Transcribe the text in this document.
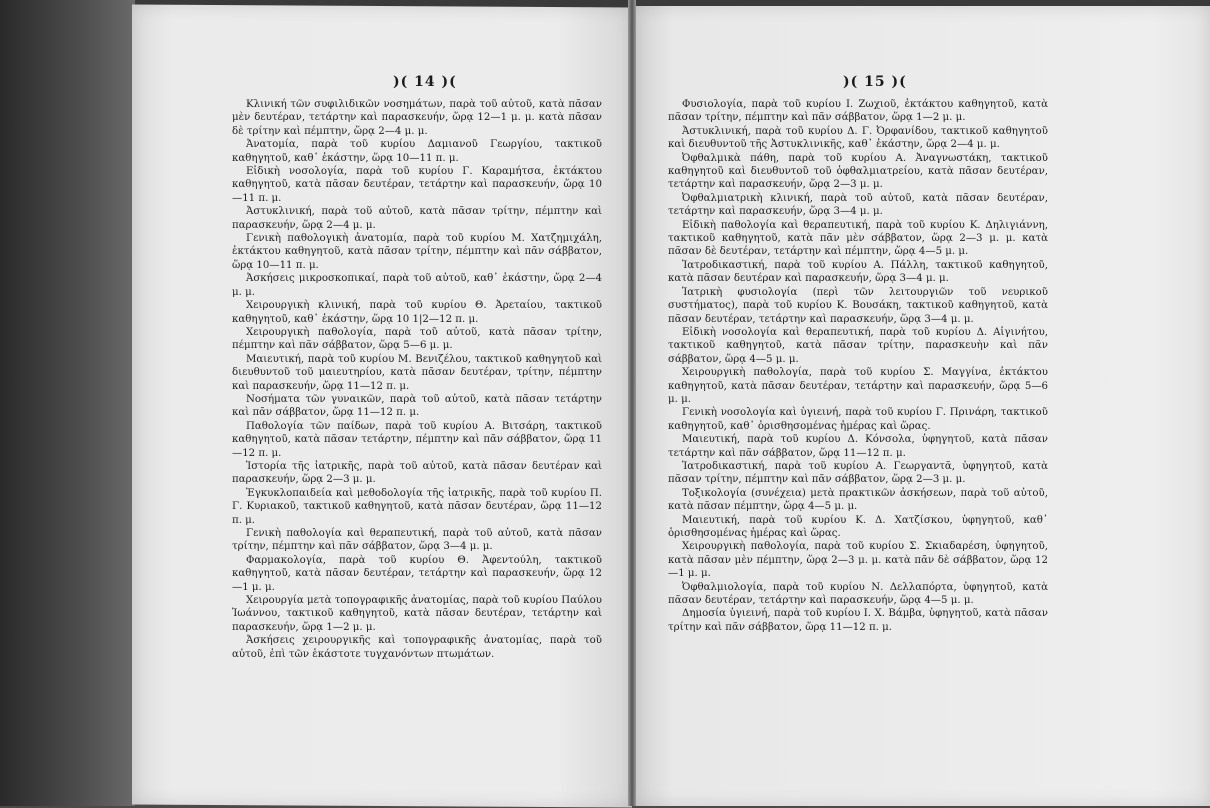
)( 14 )(	)( 15 )(

Κλινική τῶν συφιλιδικῶν νοσημάτων, παρὰ τοῦ αὐτοῦ, κατὰ πᾶσαν μὲν δευτέραν, τετάρτην καὶ παρασκευήν, ὥρᾳ 12—1 μ. μ. κατὰ πᾶσαν δὲ τρίτην καὶ πέμπτην, ὥρᾳ 2—4 μ. μ.

Ἀνατομία, παρὰ τοῦ κυρίου Δαμιανοῦ Γεωργίου, τακτικοῦ καθηγητοῦ, καθ᾽ ἑκάστην, ὥρᾳ 10—11 π. μ.

Εἰδικὴ νοσολογία, παρὰ τοῦ κυρίου Γ. Καραμήτσα, ἐκτάκτου καθηγητοῦ, κατὰ πᾶσαν δευτέραν, τετάρτην καὶ παρασκευήν, ὥρᾳ 10—11 π. μ.

Ἀστυκλινική, παρὰ τοῦ αὐτοῦ, κατὰ πᾶσαν τρίτην, πέμπτην καὶ παρασκευήν, ὥρᾳ 2—4 μ. μ.

Γενικὴ παθολογικὴ ἀνατομία, παρὰ τοῦ κυρίου Μ. Χατζημιχάλη, ἐκτάκτου καθηγητοῦ, κατὰ πᾶσαν τρίτην, πέμπτην καὶ πᾶν σάββατον, ὥρᾳ 10—11 π. μ.

Ἀσκήσεις μικροσκοπικαί, παρὰ τοῦ αὐτοῦ, καθ᾽ ἑκάστην, ὥρᾳ 2—4 μ. μ.

Χειρουργικὴ κλινική, παρὰ τοῦ κυρίου Θ. Ἀρεταίου, τακτικοῦ καθηγητοῦ, καθ᾽ ἑκάστην, ὥρᾳ 10 1|2—12 π. μ.

Χειρουργικὴ παθολογία, παρὰ τοῦ αὐτοῦ, κατὰ πᾶσαν τρίτην, πέμπτην καὶ πᾶν σάββατον, ὥρᾳ 5—6 μ. μ.

Μαιευτική, παρὰ τοῦ κυρίου Μ. Βενιζέλου, τακτικοῦ καθηγητοῦ καὶ διευθυντοῦ τοῦ μαιευτηρίου, κατὰ πᾶσαν δευτέραν, τρίτην, πέμπτην καὶ παρασκευήν, ὥρᾳ 11—12 π. μ.

Νοσήματα τῶν γυναικῶν, παρὰ τοῦ αὐτοῦ, κατὰ πᾶσαν τετάρτην καὶ πᾶν σάββατον, ὥρᾳ 11—12 π. μ.

Παθολογία τῶν παίδων, παρὰ τοῦ κυρίου Α. Βιτσάρη, τακτικοῦ καθηγητοῦ, κατὰ πᾶσαν τετάρτην, πέμπτην καὶ πᾶν σάββατον, ὥρᾳ 11—12 π. μ.

Ἱστορία τῆς ἰατρικῆς, παρὰ τοῦ αὐτοῦ, κατὰ πᾶσαν δευτέραν καὶ παρασκευήν, ὥρᾳ 2—3 μ. μ.

Ἐγκυκλοπαιδεία καὶ μεθοδολογία τῆς ἰατρικῆς, παρὰ τοῦ κυρίου Π. Γ. Κυριακοῦ, τακτικοῦ καθηγητοῦ, κατὰ πᾶσαν δευτέραν, ὥρᾳ 11—12 π. μ.

Γενικὴ παθολογία καὶ θεραπευτική, παρὰ τοῦ αὐτοῦ, κατὰ πᾶσαν τρίτην, πέμπτην καὶ πᾶν σάββατον, ὥρᾳ 3—4 μ. μ.

Φαρμακολογία, παρὰ τοῦ κυρίου Θ. Ἀφεντούλη, τακτικοῦ καθηγητοῦ, κατὰ πᾶσαν δευτέραν, τετάρτην καὶ παρασκευήν, ὥρᾳ 12—1 μ. μ.

Χειρουργία μετὰ τοπογραφικῆς ἀνατομίας, παρὰ τοῦ κυρίου Παύλου Ἰωάννου, τακτικοῦ καθηγητοῦ, κατὰ πᾶσαν δευτέραν, τετάρτην καὶ παρασκευήν, ὥρᾳ 1—2 μ. μ.

Ἀσκήσεις χειρουργικῆς καὶ τοπογραφικῆς ἀνατομίας, παρὰ τοῦ αὐτοῦ, ἐπὶ τῶν ἑκάστοτε τυγχανόντων πτωμάτων.

Φυσιολογία, παρὰ τοῦ κυρίου Ι. Ζωχιοῦ, ἐκτάκτου καθηγητοῦ, κατὰ πᾶσαν τρίτην, πέμπτην καὶ πᾶν σάββατον, ὥρᾳ 1—2 μ. μ.

Ἀστυκλινική, παρὰ τοῦ κυρίου Δ. Γ. Ὀρφανίδου, τακτικοῦ καθηγητοῦ καὶ διευθυντοῦ τῆς Ἀστυκλινικῆς, καθ᾽ ἑκάστην, ὥρᾳ 2—4 μ. μ.

Ὀφθαλμικὰ πάθη, παρὰ τοῦ κυρίου Α. Ἀναγνωστάκη, τακτικοῦ καθηγητοῦ καὶ διευθυντοῦ τοῦ ὀφθαλμιατρείου, κατὰ πᾶσαν δευτέραν, τετάρτην καὶ παρασκευήν, ὥρᾳ 2—3 μ. μ.

Ὀφθαλμιατρικὴ κλινική, παρὰ τοῦ αὐτοῦ, κατὰ πᾶσαν δευτέραν, τετάρτην καὶ παρασκευήν, ὥρᾳ 3—4 μ. μ.

Εἰδικὴ παθολογία καὶ θεραπευτική, παρὰ τοῦ κυρίου Κ. Δηλιγιάννη, τακτικοῦ καθηγητοῦ, κατὰ πᾶν μὲν σάββατον, ὥρᾳ 2—3 μ. μ. κατὰ πᾶσαν δὲ δευτέραν, τετάρτην καὶ πέμπτην, ὥρᾳ 4—5 μ. μ.

Ἰατροδικαστική, παρὰ τοῦ κυρίου Α. Πάλλη, τακτικοῦ καθηγητοῦ, κατὰ πᾶσαν δευτέραν καὶ παρασκευήν, ὥρᾳ 3—4 μ. μ.

Ἰατρικὴ φυσιολογία (περὶ τῶν λειτουργιῶν τοῦ νευρικοῦ συστήματος), παρὰ τοῦ κυρίου Κ. Βουσάκη, τακτικοῦ καθηγητοῦ, κατὰ πᾶσαν δευτέραν, τετάρτην καὶ παρασκευήν, ὥρᾳ 3—4 μ. μ.

Εἰδικὴ νοσολογία καὶ θεραπευτική, παρὰ τοῦ κυρίου Δ. Αἰγινήτου, τακτικοῦ καθηγητοῦ, κατὰ πᾶσαν τρίτην, παρασκευὴν καὶ πᾶν σάββατον, ὥρᾳ 4—5 μ. μ.

Χειρουργικὴ παθολογία, παρὰ τοῦ κυρίου Σ. Μαγγίνα, ἐκτάκτου καθηγητοῦ, κατὰ πᾶσαν δευτέραν, τετάρτην καὶ παρασκευήν, ὥρᾳ 5—6 μ. μ.

Γενικὴ νοσολογία καὶ ὑγιεινή, παρὰ τοῦ κυρίου Γ. Πρινάρη, τακτικοῦ καθηγητοῦ, καθ᾽ ὁρισθησομένας ἡμέρας καὶ ὥρας.

Μαιευτική, παρὰ τοῦ κυρίου Δ. Κόνσολα, ὑφηγητοῦ, κατὰ πᾶσαν τετάρτην καὶ πᾶν σάββατον, ὥρᾳ 11—12 π. μ.

Ἰατροδικαστική, παρὰ τοῦ κυρίου Α. Γεωργαντᾶ, ὑφηγητοῦ, κατὰ πᾶσαν τρίτην, πέμπτην καὶ πᾶν σάββατον, ὥρᾳ 2—3 μ. μ.

Τοξικολογία (συνέχεια) μετὰ πρακτικῶν ἀσκήσεων, παρὰ τοῦ αὐτοῦ, κατὰ πᾶσαν πέμπτην, ὥρᾳ 4—5 μ. μ.

Μαιευτική, παρὰ τοῦ κυρίου Κ. Δ. Χατζίσκου, ὑφηγητοῦ, καθ᾽ ὁρισθησομένας ἡμέρας καὶ ὥρας.

Χειρουργικὴ παθολογία, παρὰ τοῦ κυρίου Σ. Σκιαδαρέση, ὑφηγητοῦ, κατὰ πᾶσαν μὲν πέμπτην, ὥρᾳ 2—3 μ. μ. κατὰ πᾶν δὲ σάββατον, ὥρᾳ 12—1 μ. μ.

Ὀφθαλμιολογία, παρὰ τοῦ κυρίου Ν. Δελλαπόρτα, ὑφηγητοῦ, κατὰ πᾶσαν δευτέραν, τετάρτην καὶ παρασκευήν, ὥρᾳ 4—5 μ. μ.

Δημοσία ὑγιεινή, παρὰ τοῦ κυρίου Ι. Χ. Βάμβα, ὑφηγητοῦ, κατὰ πᾶσαν τρίτην καὶ πᾶν σάββατον, ὥρᾳ 11—12 π. μ.
